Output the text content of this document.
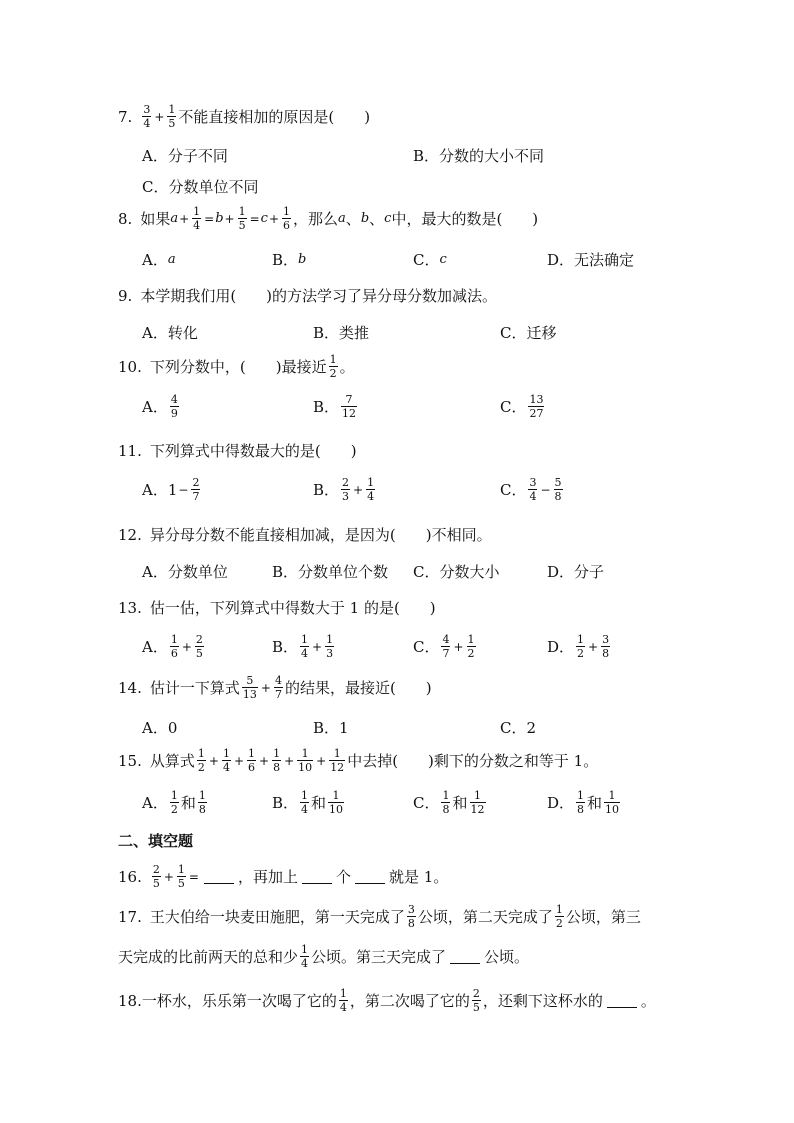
7. $\frac{3}{4} + \frac{1}{5}$ 不能直接相加的原因是(　　)
A．分子不同	B．分数的大小不同
C．分数单位不同
8. 如果 $a + \frac{1}{4} = b + \frac{1}{5} = c + \frac{1}{6}$ ，那么 a 、 b 、 c 中，最大的数是(　　)
A． a	B． b	C． c	D．无法确定
9. 本学期我们用(　　)的方法学习了异分母分数加减法。
A．转化	B．类推	C．迁移
10. 下列分数中，(　　)最接近 $\frac{1}{2}$ 。
A． $\frac{4}{9}$	B． $\frac{7}{12}$	C． $\frac{13}{27}$
11. 下列算式中得数最大的是(　　)
A． $1 - \frac{2}{7}$	B． $\frac{2}{3} + \frac{1}{4}$	C． $\frac{3}{4} - \frac{5}{8}$
12. 异分母分数不能直接相加减，是因为(　　)不相同。
A．分数单位	B．分数单位个数 C．分数大小	D．分子
13. 估一估，下列算式中得数大于 1 的是(　　)
A． $\frac{1}{6} + \frac{2}{5}$	B． $\frac{1}{4} + \frac{1}{3}$	C． $\frac{4}{7} + \frac{1}{2}$	D． $\frac{1}{2} + \frac{3}{8}$
14. 估计一下算式 $\frac{5}{13} + \frac{4}{7}$ 的结果，最接近(　　)
A．0	B．1	C．2
15. 从算式 $\frac{1}{2} + \frac{1}{4} + \frac{1}{6} + \frac{1}{8} + \frac{1}{10} + \frac{1}{12}$ 中去掉(　　)剩下的分数之和等于 1。
A． $\frac{1}{2}$ 和 $\frac{1}{8}$	B． $\frac{1}{4}$ 和 $\frac{1}{10}$	C． $\frac{1}{8}$ 和 $\frac{1}{12}$	D． $\frac{1}{8}$ 和 $\frac{1}{10}$
二、填空题
16. $\frac{2}{5} + \frac{1}{5}$ =	，再加上	个	就是 1。
17. 王大伯给一块麦田施肥，第一天完成了 $\frac{3}{8}$ 公顷，第二天完成了 $\frac{1}{2}$ 公顷，第三
天完成的比前两天的总和少 $\frac{1}{4}$ 公顷。第三天完成了	公顷。
18. 一杯水，乐乐第一次喝了它的 $\frac{1}{4}$ ，第二次喝了它的 $\frac{2}{5}$ ，还剩下这杯水的	。
